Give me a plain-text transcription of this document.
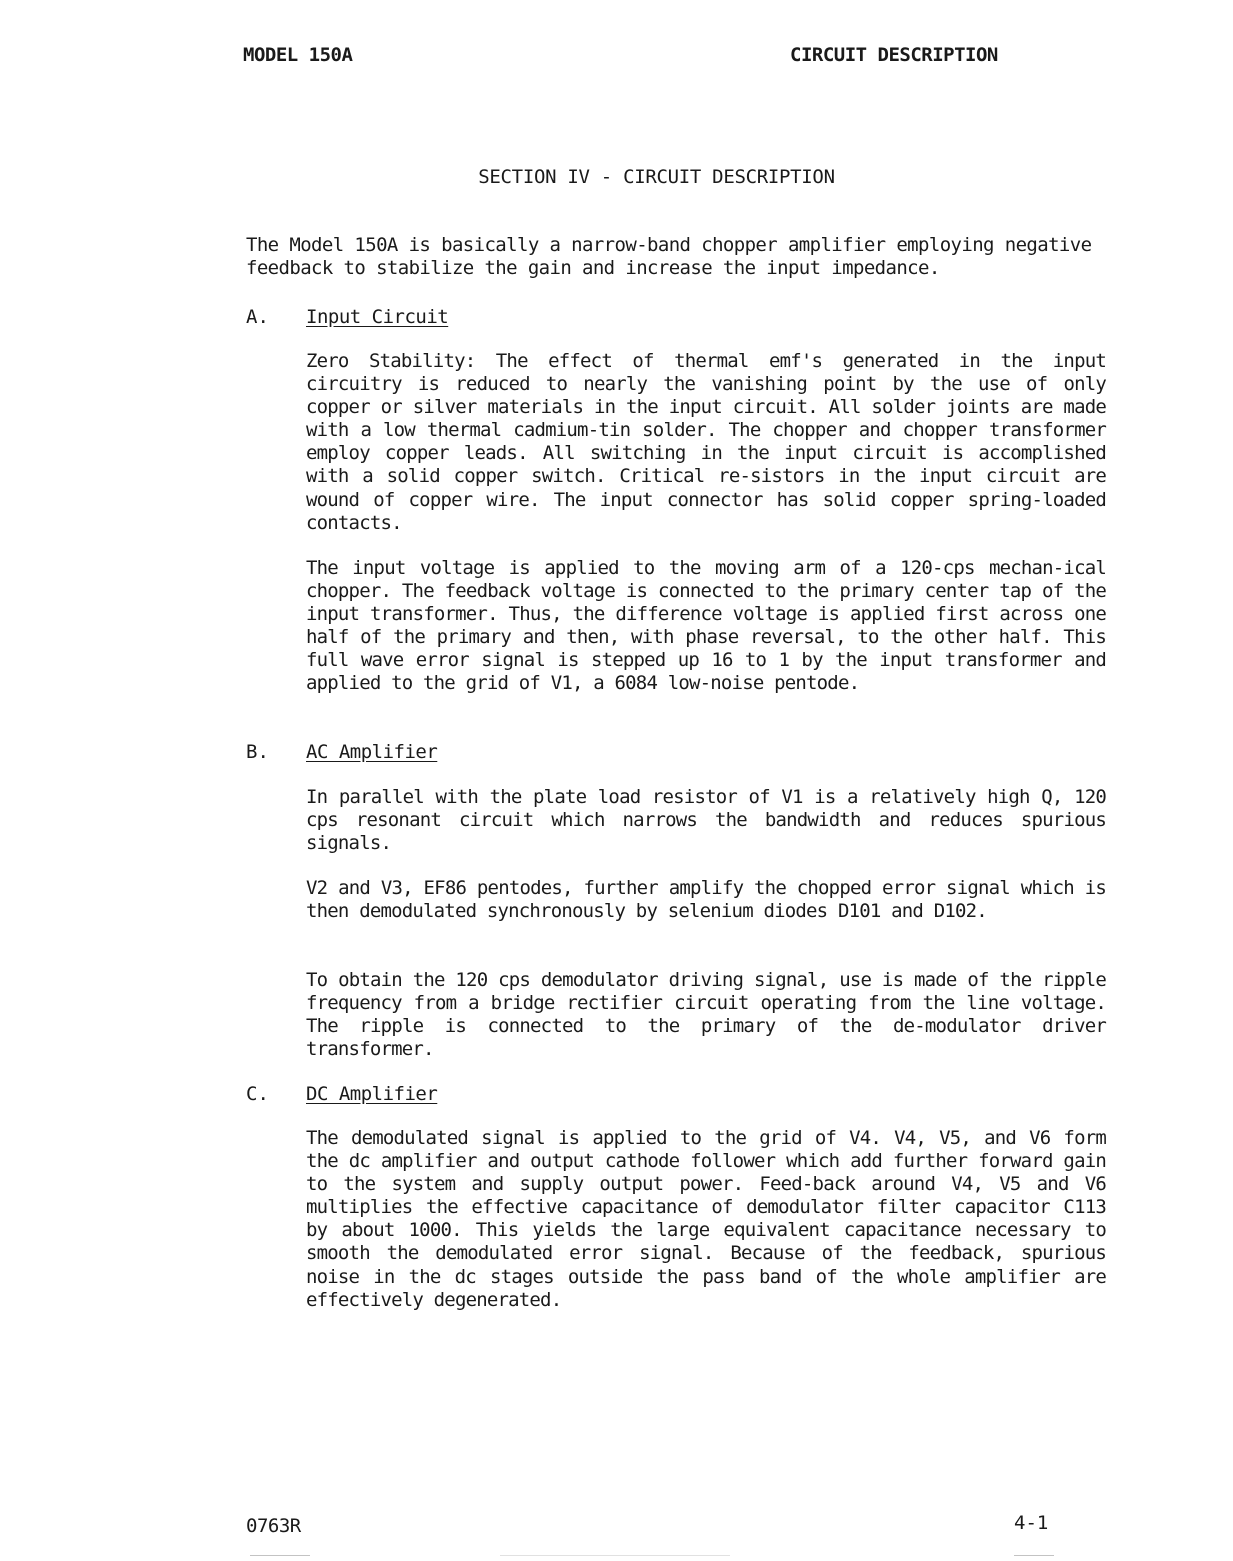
MODEL 150A	CIRCUIT DESCRIPTION
SECTION IV - CIRCUIT DESCRIPTION

The Model 150A is basically a narrow-band chopper amplifier employing negative feedback to stabilize the gain and increase the input impedance.

A. Input Circuit

Zero Stability: The effect of thermal emf's generated in the input circuitry is reduced to nearly the vanishing point by the use of only copper or silver materials in the input circuit. All solder joints are made with a low thermal cadmium-tin solder. The chopper and chopper transformer employ copper leads. All switching in the input circuit is accomplished with a solid copper switch. Critical re-sistors in the input circuit are wound of copper wire. The input connector has solid copper spring-loaded contacts.

The input voltage is applied to the moving arm of a 120-cps mechan-ical chopper. The feedback voltage is connected to the primary center tap of the input transformer. Thus, the difference voltage is applied first across one half of the primary and then, with phase reversal, to the other half. This full wave error signal is stepped up 16 to 1 by the input transformer and applied to the grid of V1, a 6084 low-noise pentode.

B. AC Amplifier

In parallel with the plate load resistor of V1 is a relatively high Q, 120 cps resonant circuit which narrows the bandwidth and reduces spurious signals.

V2 and V3, EF86 pentodes, further amplify the chopped error signal which is then demodulated synchronously by selenium diodes D101 and D102.

To obtain the 120 cps demodulator driving signal, use is made of the ripple frequency from a bridge rectifier circuit operating from the line voltage. The ripple is connected to the primary of the de-modulator driver transformer.

C. DC Amplifier

The demodulated signal is applied to the grid of V4. V4, V5, and V6 form the dc amplifier and output cathode follower which add further forward gain to the system and supply output power. Feed-back around V4, V5 and V6 multiplies the effective capacitance of demodulator filter capacitor C113 by about 1000. This yields the large equivalent capacitance necessary to smooth the demodulated error signal. Because of the feedback, spurious noise in the dc stages outside the pass band of the whole amplifier are effectively degenerated.

0763R	4-1
